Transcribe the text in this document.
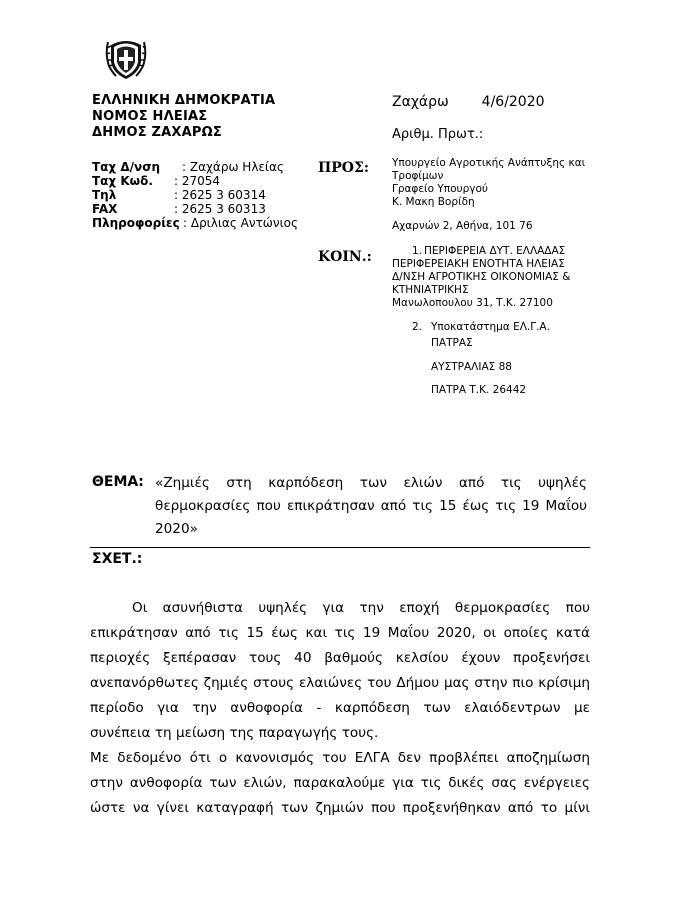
ΕΛΛΗΝΙΚΗ ΔΗΜΟΚΡΑΤΙΑ
ΝΟΜΟΣ ΗΛΕΙΑΣ
ΔΗΜΟΣ ΖΑΧΑΡΩΣ
Ζαχάρω 4/6/2020
Αριθμ. Πρωτ.:
Ταχ Δ/νση	: Ζαχάρω Ηλείας
Ταχ Κωδ.	: 27054
Τηλ	: 2625 3 60314
FAX	: 2625 3 60313
Πληροφορίες : Δριλιας Αντώνιος
ΠΡΟΣ: Υπουργείο Αγροτικής Ανάπτυξης και
Τροφίμων
Γραφείο Υπουργού
Κ. Μακη Βορίδη
Αχαρνών 2, Αθήνα, 101 76
ΚΟΙΝ.:	1. ΠΕΡΙΦΕΡΕΙΑ ΔΥΤ. ΕΛΛΑΔΑΣ
ΠΕΡΙΦΕΡΕΙΑΚΗ ΕΝΟΤΗΤΑ ΗΛΕΙΑΣ
Δ/ΝΣΗ ΑΓΡΟΤΙΚΗΣ ΟΙΚΟΝΟΜΙΑΣ &
ΚΤΗΝΙΑΤΡΙΚΗΣ
Μανωλοπουλου 31, Τ.Κ. 27100
2. Υποκατάστημα ΕΛ.Γ.Α.
ΠΑΤΡΑΣ
ΑΥΣΤΡΑΛΙΑΣ 88
ΠΑΤΡΑ Τ.Κ. 26442
ΘΕΜΑ: «Ζημιές στη καρπόδεση των ελιών από τις υψηλές
θερμοκρασίες που επικράτησαν από τις 15 έως τις 19 Μαΐου
2020»
ΣΧΕΤ.:
Οι ασυνήθιστα υψηλές για την εποχή θερμοκρασίες που
επικράτησαν από τις 15 έως και τις 19 Μαΐου 2020, οι οποίες κατά
περιοχές ξεπέρασαν τους 40 βαθμούς κελσίου έχουν προξενήσει
ανεπανόρθωτες ζημιές στους ελαιώνες του Δήμου μας στην πιο κρίσιμη
περίοδο για την ανθοφορία - καρπόδεση των ελαιόδεντρων με
συνέπεια τη μείωση της παραγωγής τους.
Με δεδομένο ότι ο κανονισμός του ΕΛΓΑ δεν προβλέπει αποζημίωση
στην ανθοφορία των ελιών, παρακαλούμε για τις δικές σας ενέργειες
ώστε να γίνει καταγραφή των ζημιών που προξενήθηκαν από το μίνι
